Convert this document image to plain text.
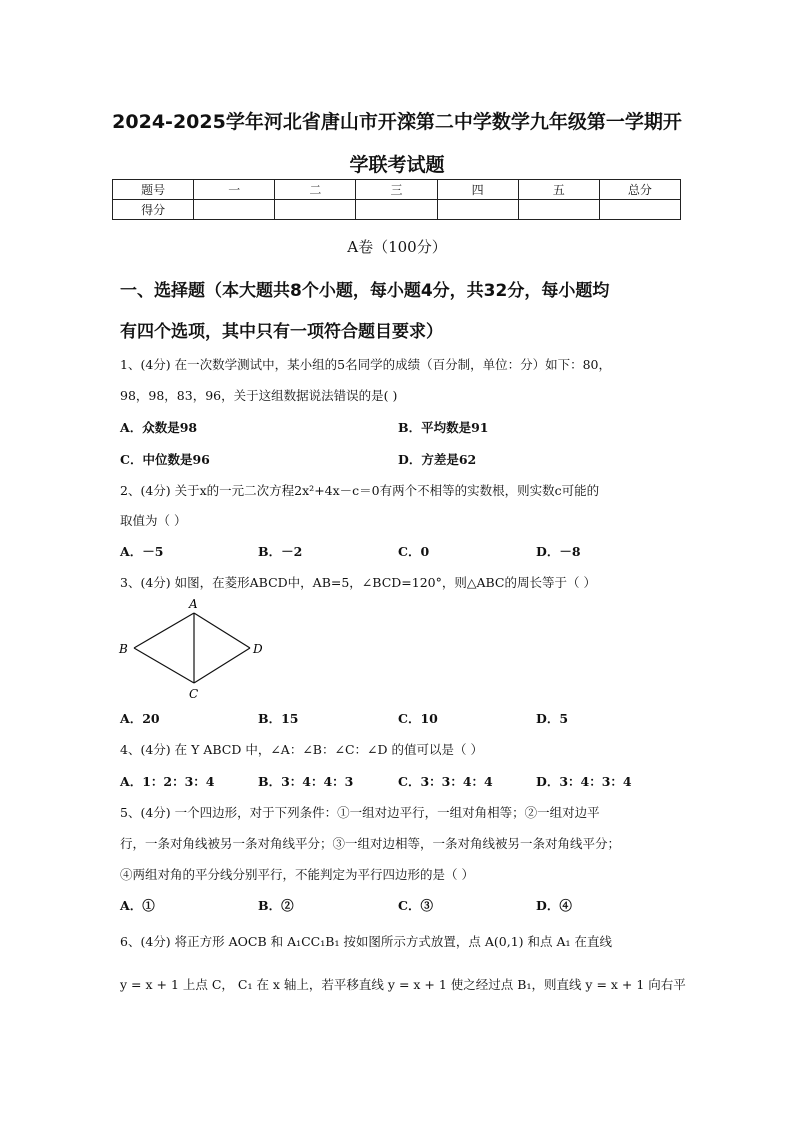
2024-2025学年河北省唐山市开滦第二中学数学九年级第一学期开
学联考试题
题号	一	二	三	四	五	总分
得分						
A卷（100分）
一、选择题（本大题共8个小题，每小题4分，共32分，每小题均
有四个选项，其中只有一项符合题目要求）
1、(4分) 在一次数学测试中，某小组的5名同学的成绩（百分制，单位：分）如下：80，
98，98，83，96，关于这组数据说法错误的是( )
A．众数是98	B．平均数是91
C．中位数是96	D．方差是62
2、(4分) 关于x的一元二次方程2x²+4x－c＝0有两个不相等的实数根，则实数c可能的
取值为（ ）
A．－5	B．－2	C．0	D．－8
3、(4分) 如图，在菱形ABCD中，AB=5，∠BCD=120°，则△ABC的周长等于（ ）
A
B
C
D
A．20	B．15	C．10	D．5
4、(4分) 在 Y ABCD 中，∠A：∠B：∠C：∠D 的值可以是（ ）
A．1：2：3：4	B．3：4：4：3	C．3：3：4：4	D．3：4：3：4
5、(4分) 一个四边形，对于下列条件：①一组对边平行，一组对角相等；②一组对边平
行，一条对角线被另一条对角线平分；③一组对边相等，一条对角线被另一条对角线平分；
④两组对角的平分线分别平行，不能判定为平行四边形的是（ ）
A．①	B．②	C．③	D．④
6、(4分) 将正方形 AOCB 和 A₁CC₁B₁ 按如图所示方式放置，点 A(0,1) 和点 A₁ 在直线
y = x + 1 上点 C， C₁ 在 x 轴上，若平移直线 y = x + 1 使之经过点 B₁，则直线 y = x + 1 向右平
